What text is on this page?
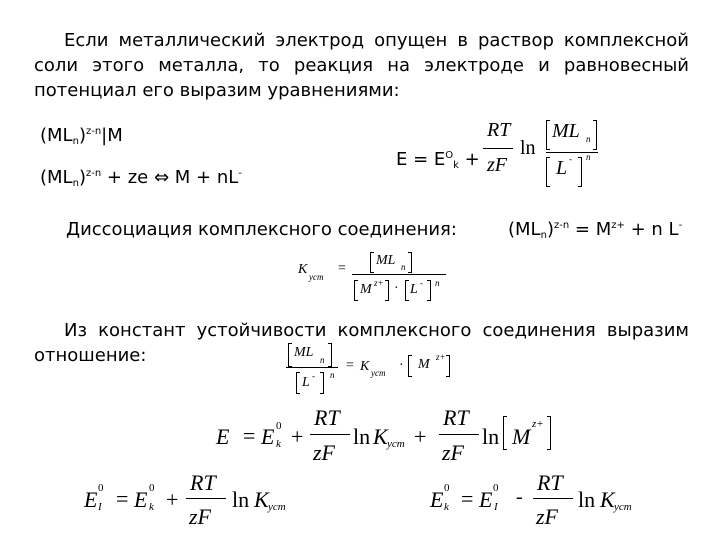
Если металлический электрод опущен в раствор комплексной соли этого металла, то реакция на электроде и равновесный потенциал его выразим уравнениями:
$(ML_n)^{z-n}|M$
$(ML_n)^{z-n}$ + ze ⇔ M + nL-
$E = E^O_k$ +
RT
zF
ln
ML n
L - n
Диссоциация комплексного соединения:	$(ML_n)^{z-n} = M^{z+} + n$ L-
K уст
=
ML n
M z+ · L - n
Из констант устойчивости комплексного соединения выразим отношение:	ML n
L - n
= K уст · M z+
E = E 0
k +
RT
zF
ln K уст +
RT
zF
ln M z+
E 0
I = E 0
k +
RT
zF
ln K уст	E 0
k = E 0
I -
RT
zF
ln K уст
